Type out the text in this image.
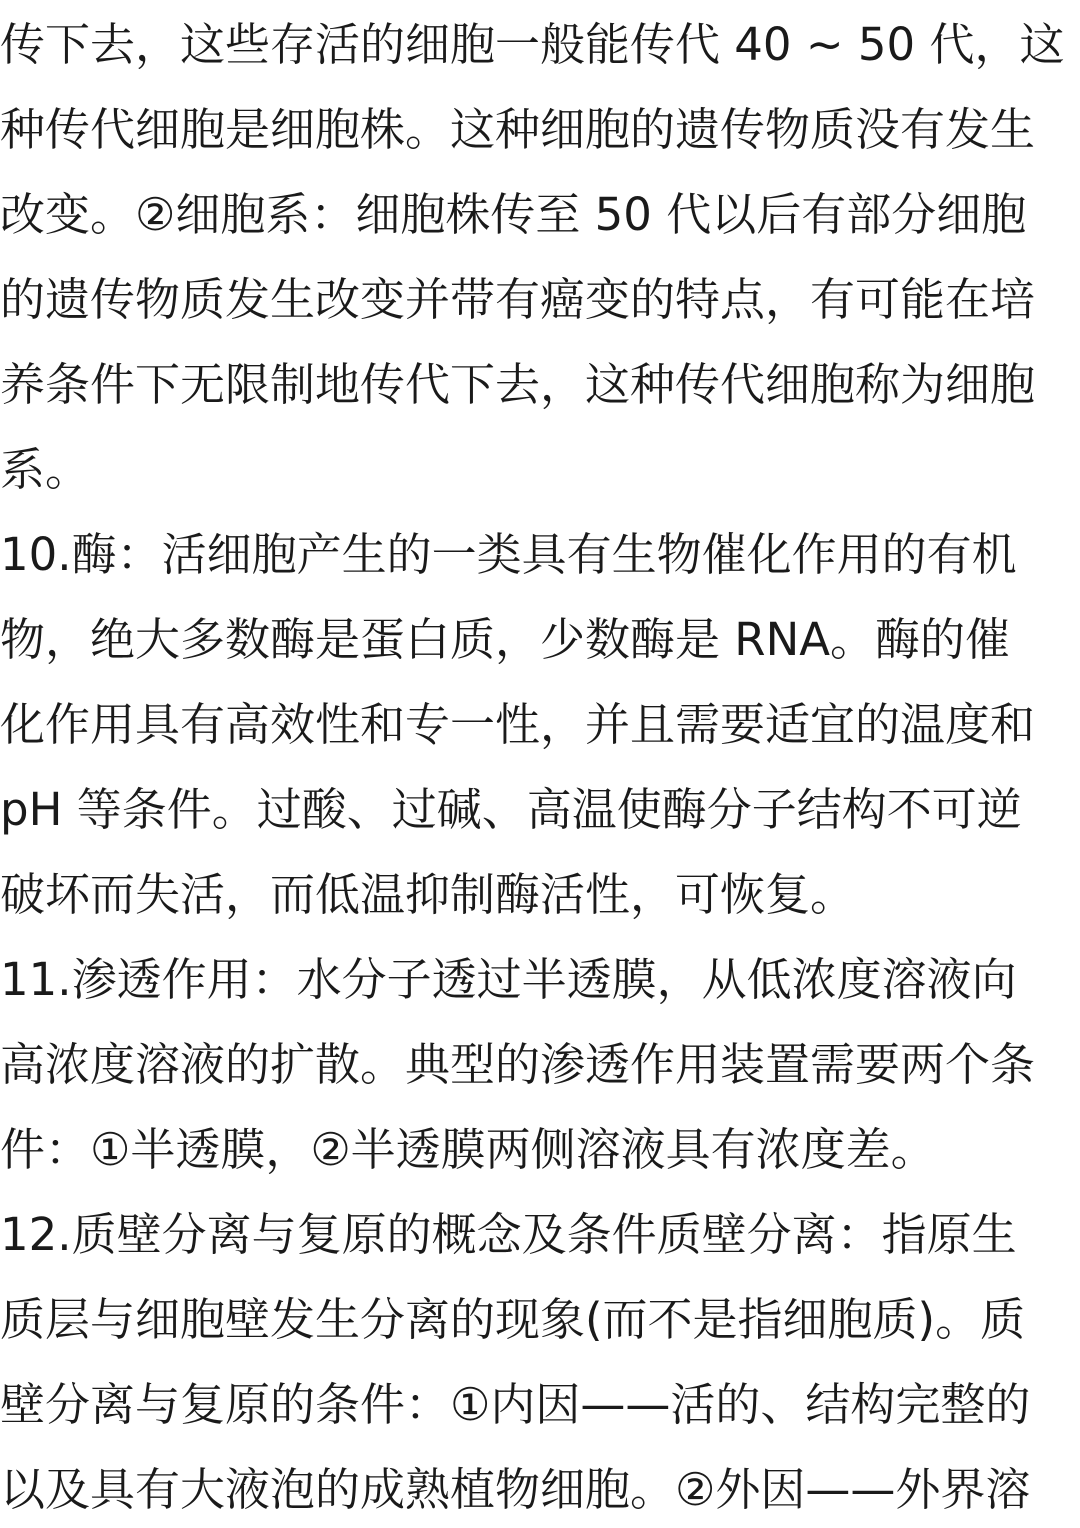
传下去，这些存活的细胞一般能传代 40 ~ 50 代，这
种传代细胞是细胞株。这种细胞的遗传物质没有发生
改变。②细胞系：细胞株传至 50 代以后有部分细胞
的遗传物质发生改变并带有癌变的特点，有可能在培
养条件下无限制地传代下去，这种传代细胞称为细胞
系。
10.酶：活细胞产生的一类具有生物催化作用的有机
物，绝大多数酶是蛋白质，少数酶是 RNA。酶的催
化作用具有高效性和专一性，并且需要适宜的温度和
pH 等条件。过酸、过碱、高温使酶分子结构不可逆
破坏而失活，而低温抑制酶活性，可恢复。
11.渗透作用：水分子透过半透膜，从低浓度溶液向
高浓度溶液的扩散。典型的渗透作用装置需要两个条
件：①半透膜，②半透膜两侧溶液具有浓度差。
12.质壁分离与复原的概念及条件质壁分离：指原生
质层与细胞壁发生分离的现象(而不是指细胞质)。质
壁分离与复原的条件：①内因——活的、结构完整的
以及具有大液泡的成熟植物细胞。②外因——外界溶
